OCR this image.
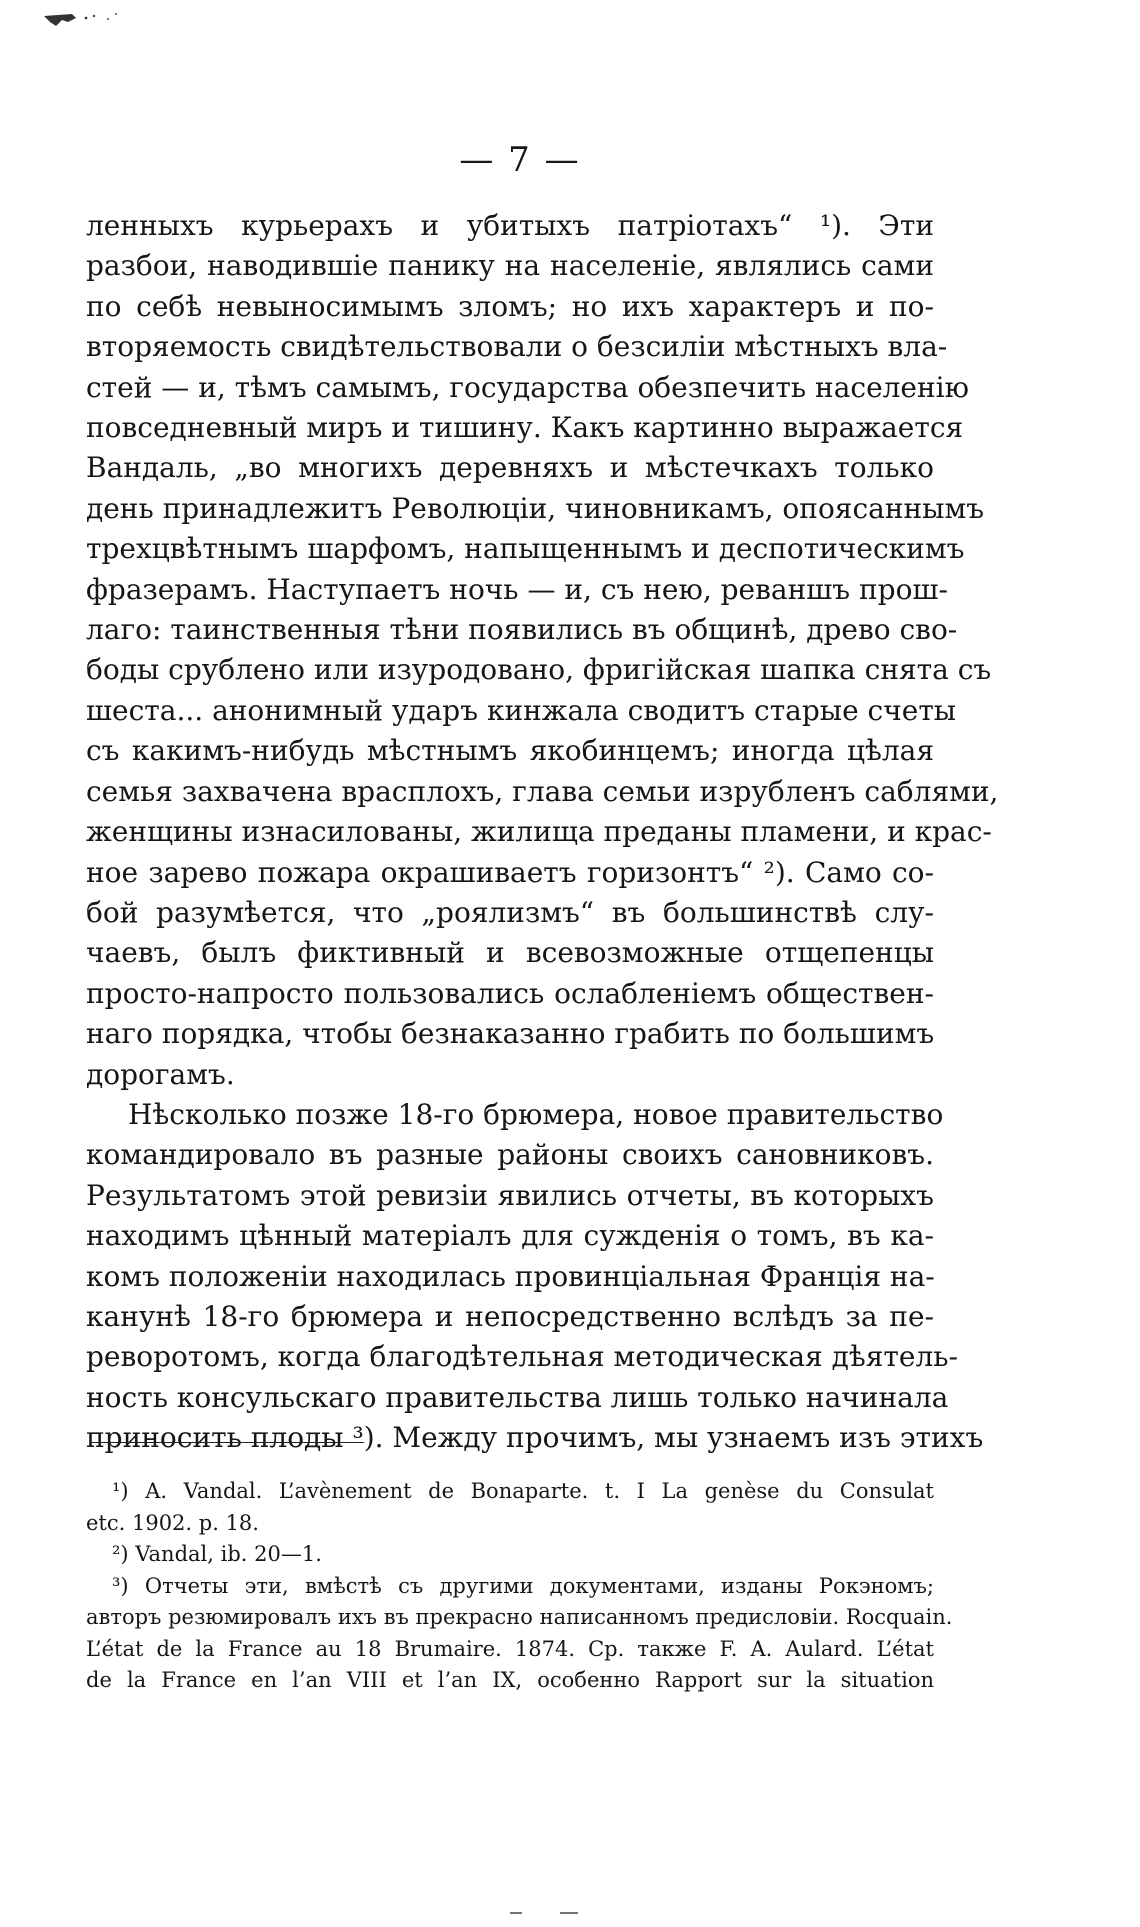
— 7 —

ленныхъ курьерахъ и убитыхъ патріотахъ“ ¹). Эти

разбои, наводившіе панику на населеніе, являлись сами

по себѣ невыносимымъ зломъ; но ихъ характеръ и по-

вторяемость свидѣтельствовали о безсиліи мѣстныхъ вла-

стей — и, тѣмъ самымъ, государства обезпечить населенію

повседневный миръ и тишину. Какъ картинно выражается

Вандаль, „во многихъ деревняхъ и мѣстечкахъ только

день принадлежитъ Революціи, чиновникамъ, опоясаннымъ

трехцвѣтнымъ шарфомъ, напыщеннымъ и деспотическимъ

фразерамъ. Наступаетъ ночь — и, съ нею, реваншъ прош-

лаго: таинственныя тѣни появились въ общинѣ, древо сво-

боды срублено или изуродовано, фригійская шапка снята съ

шеста... анонимный ударъ кинжала сводитъ старые счеты

съ какимъ-нибудь мѣстнымъ якобинцемъ; иногда цѣлая

семья захвачена врасплохъ, глава семьи изрубленъ саблями,

женщины изнасилованы, жилища преданы пламени, и крас-

ное зарево пожара окрашиваетъ горизонтъ“ ²). Само со-

бой разумѣется, что „роялизмъ“ въ большинствѣ слу-

чаевъ, былъ фиктивный и всевозможные отщепенцы

просто-напросто пользовались ослабленіемъ обществен-

наго порядка, чтобы безнаказанно грабить по большимъ

дорогамъ.

Нѣсколько позже 18-го брюмера, новое правительство

командировало въ разные районы своихъ сановниковъ.

Результатомъ этой ревизіи явились отчеты, въ которыхъ

находимъ цѣнный матеріалъ для сужденія о томъ, въ ка-

комъ положеніи находилась провинціальная Франція на-

канунѣ 18-го брюмера и непосредственно вслѣдъ за пе-

реворотомъ, когда благодѣтельная методическая дѣятель-

ность консульскаго правительства лишь только начинала

приносить плоды ³). Между прочимъ, мы узнаемъ изъ этихъ

¹) A. Vandal. L’avènement de Bonaparte. t. I La genèse du Consulat
etc. 1902. p. 18.
²) Vandal, ib. 20—1.
³) Отчеты эти, вмѣстѣ съ другими документами, изданы Рокэномъ;
авторъ резюмировалъ ихъ въ прекрасно написанномъ предисловіи. Rocquain.
L’état de la France au 18 Brumaire. 1874. Ср. также F. A. Aulard. L’état
de la France en l’an VIII et l’an IX, особенно Rapport sur la situation
